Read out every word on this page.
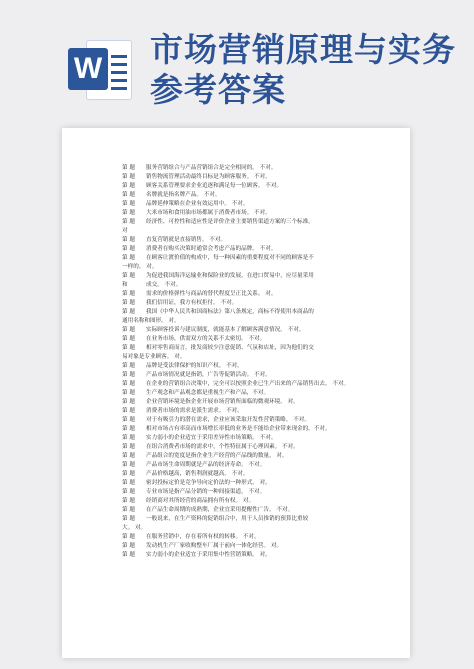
W 市场营销原理与实务参考答案
第 题	服务营销组合与产品营销组合是完全相同的。 不对。
第 题	销售物流管理活动最终目标是为顾客服务。 不对。
第 题	顾客关系管理要求企业追逐和满足每一位顾客。 不对。
第 题	名牌就是指名牌产品。 不对。
第 题	品牌延伸策略在企业有效运用中。 不对。
第 题	大米市场和食用油市场都属于消费者市场。 不对。
第 题	经济性、可控性和适应性是评价企业主要销售渠道方案的三个标准。
对
第 题	直复营销就是直接销售。 不对。
第 题	消费者在购买决策时通常会考虑产品的品牌。 不对。
第 题	在顾客让渡价值的构成中，每一种因素的重要程度对不同的顾客是不
一样的。 对。
第 题	为促进我国海洋运输业和保险业的发展，在进口贸易中，应尽量采用
和	成交。 不对。
第 题	需求的价格弹性与商品的替代程度呈正比关系。 对。
第 题	我们信用证，我方有权拒付。 不对。
第 题	我国《中华人民共和国商标法》第八条规定，商标不得使用本商品的
通用名称和图形。 对。
第 题	实际顾客投诉与建议制度，就能基本了解顾客满意情况。 不对。
第 题	在业务市场，供需双方的关系不太密切。 不对。
第 题	相对零售商而言，批发商较少注意促销、气氛和店址，因为他们的交
易对象是专业顾客。 对。
第 题	品牌是受法律保护的知识产权。 不对。
第 题	产品市场情况就是指销，广告等促销活动。 不对。
第 题	在企业的营销组合决策中，完全可以按照企业已生产出来的产品销售出去。 不对。
第 题	生产观念和产品观念都是重视生产和产品，不对。
第 题	企业营销环境是指企业开展市场营销所面临的微观环境。 对。
第 题	消费者市场的需求是派生需求。 不对。
第 题	对于有吸引力的潜在需求，企业应该采取开发性营销策略。 不对。
第 题	相对市场占有率高而市场增长率低的业务是不能给企业带来现金的。不对。
第 题	实力弱小的企业适宜于采用差异性市场策略。 不对。
第 题	在组合消费者市场的需求中，个性特征属于心理因素。 不对。
第 题	产品组合的宽度是指企业生产经营的产品线的数量。 对。
第 题	产品市场生命周期就是产品的经济寿命。 不对。
第 题	产品价格越高，销售利润就越高。 不对。
第 题	密封投标定价是竞争导向定价法的一种形式。 对。
第 题	专业市场是指产品分销的一种间接渠道。 不对。
第 题	经销商对其所经营的商品拥有所有权。 对。
第 题	在产品生命周期的成熟期，企业宜采用提醒性广告。 不对。
第 题	一般说来，在生产资料的促销组合中，用于人员推销的预算比重较
大。 对。
第 题	在服务营销中，存在着所有权的转移。 不对。
第 题	发动机生产厂家收购整车厂属于前向一体化经营。 对。
第 题	实力弱小的企业适宜于采用集中性营销策略。 对。
